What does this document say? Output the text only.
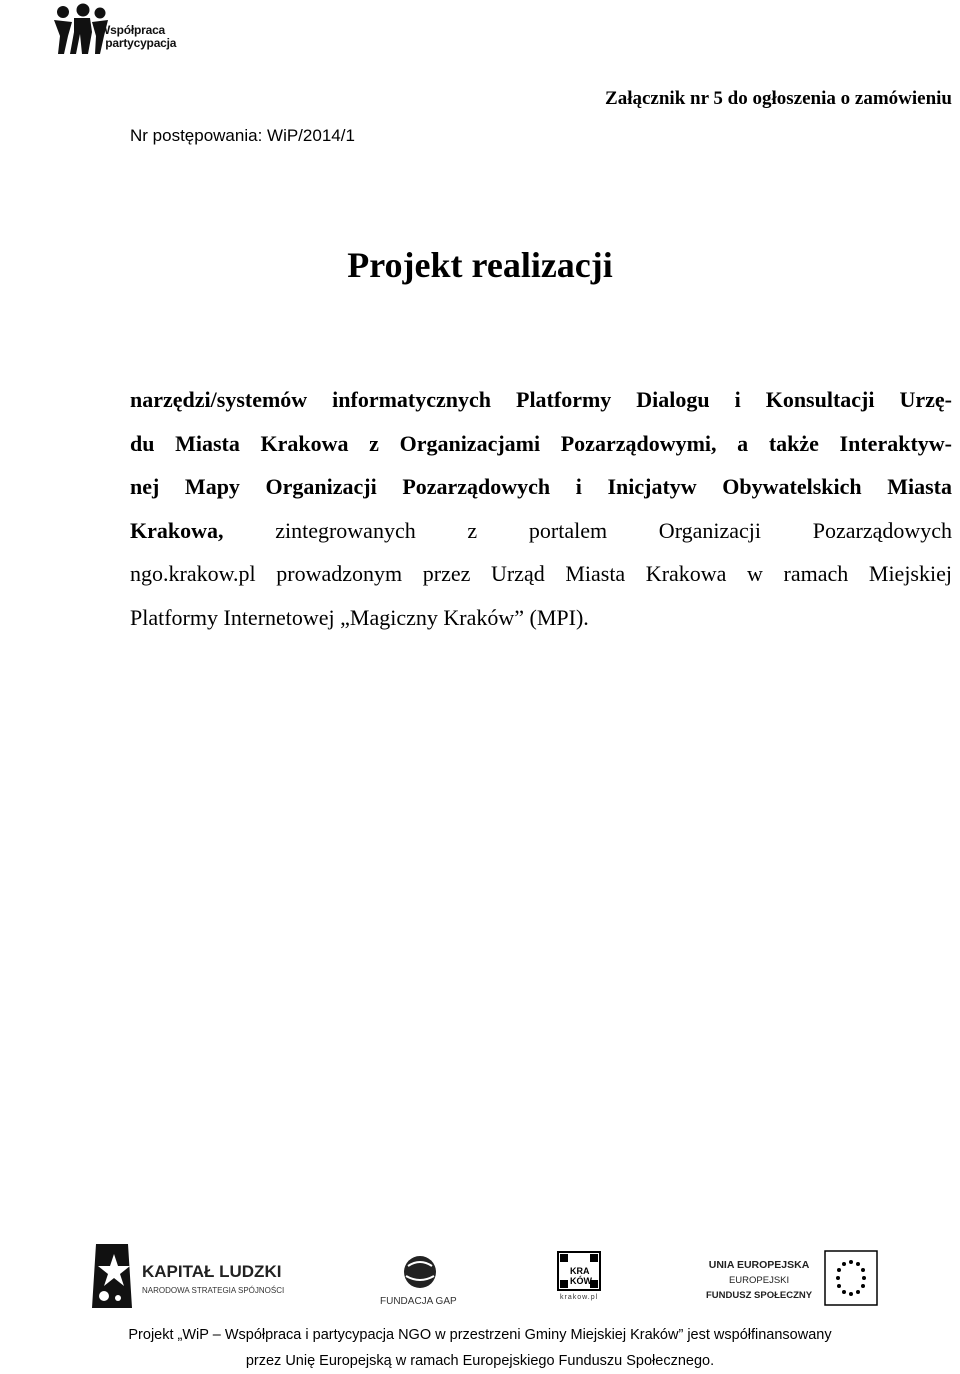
Współpraca
i partycypacja
Załącznik nr 5 do ogłoszenia o zamówieniu
Nr postępowania: WiP/2014/1
Projekt realizacji
narzędzi/systemów informatycznych Platformy Dialogu i Konsultacji Urzę-
du Miasta Krakowa z Organizacjami Pozarządowymi, a także Interaktyw-
nej Mapy Organizacji Pozarządowych i Inicjatyw Obywatelskich Miasta
Krakowa, zintegrowanych z portalem Organizacji Pozarządowych
ngo.krakow.pl prowadzonym przez Urząd Miasta Krakowa w ramach Miejskiej
Platformy Internetowej „Magiczny Kraków” (MPI).
KAPITAŁ LUDZKI
NARODOWA STRATEGIA SPÓJNOŚCI
FUNDACJA GAP
KRA KÓW
krakow.pl
UNIA EUROPEJSKA
EUROPEJSKI
FUNDUSZ SPOŁECZNY
Projekt „WiP – Współpraca i partycypacja NGO w przestrzeni Gminy Miejskiej Kraków” jest współfinansowany
przez Unię Europejską w ramach Europejskiego Funduszu Społecznego.
